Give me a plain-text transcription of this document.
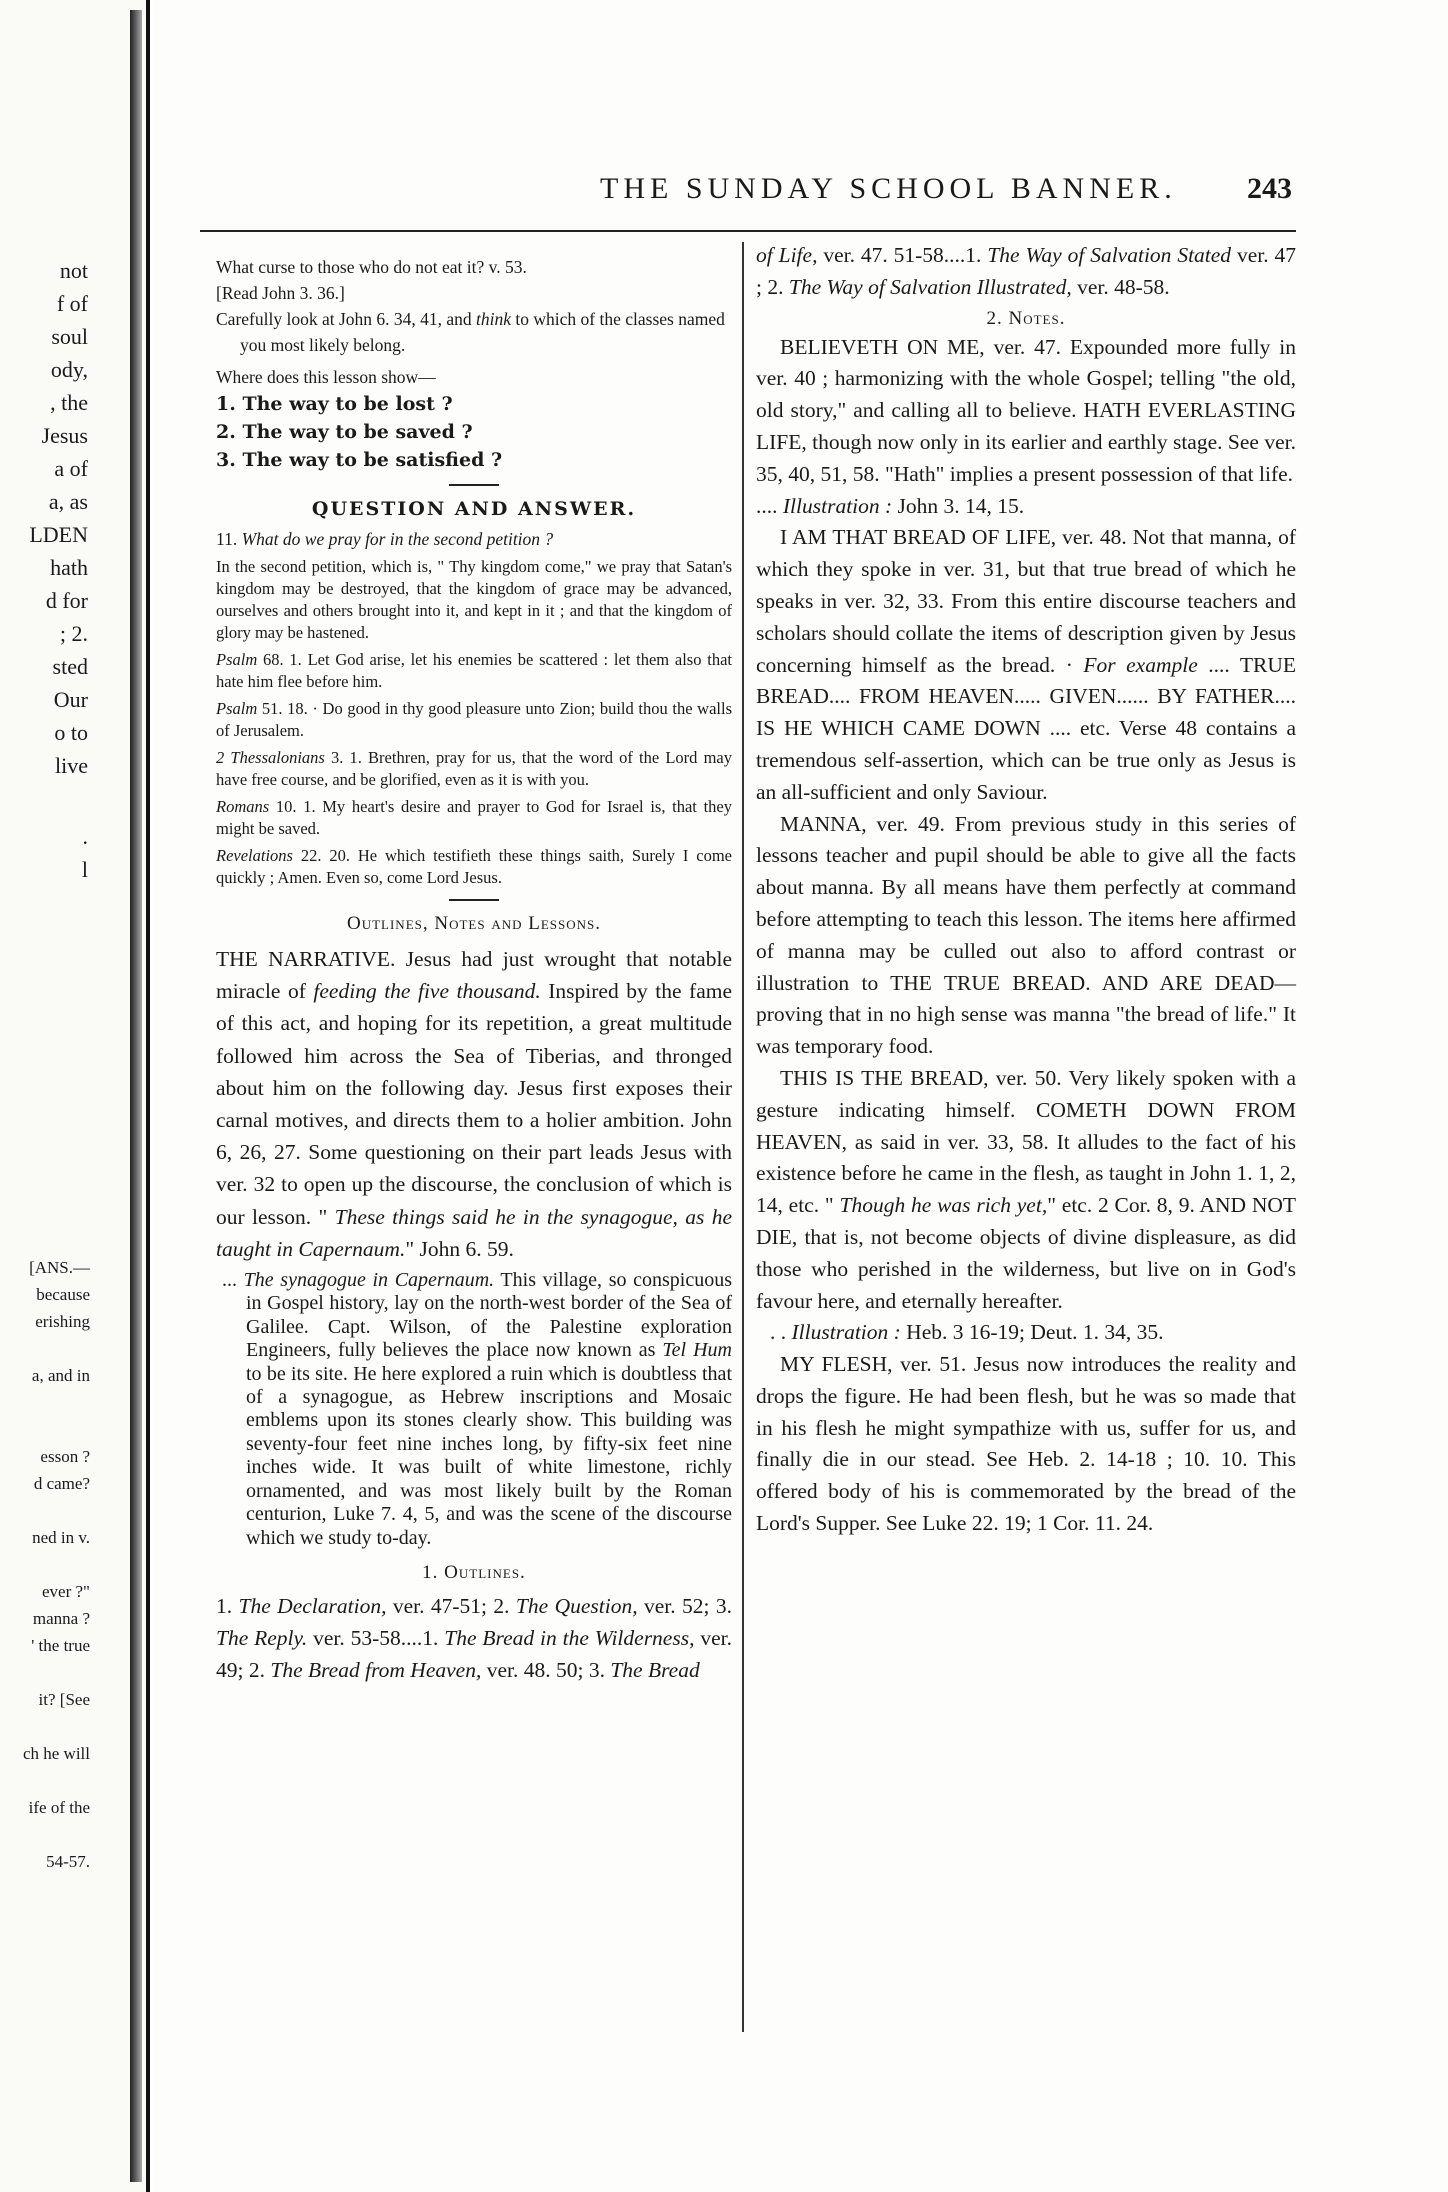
not
f of
soul
ody,
, the
Jesus
a of
a, as
LDEN
hath
d for
; 2.
sted
Our
o to
live
.
l
[ANS.—
because
erishing

a, and in

esson ?
d came?

ned in v.

ever ?"
manna ?
' the true

it? [See

ch he will

ife of the

54-57.
THE SUNDAY SCHOOL BANNER. 243
What curse to those who do not eat it? v. 53.
[Read John 3. 36.]
Carefully look at John 6. 34, 41, and think to which of the classes named you most likely belong.
Where does this lesson show—
1. The way to be lost ?
2. The way to be saved ?
3. The way to be satisfied ?
QUESTION AND ANSWER.
11. What do we pray for in the second petition ?
In the second petition, which is, " Thy kingdom come," we pray that Satan's kingdom may be destroyed, that the kingdom of grace may be advanced, ourselves and others brought into it, and kept in it ; and that the kingdom of glory may be hastened.
Psalm 68. 1. Let God arise, let his enemies be scattered : let them also that hate him flee before him.
Psalm 51. 18. · Do good in thy good pleasure unto Zion; build thou the walls of Jerusalem.
2 Thessalonians 3. 1. Brethren, pray for us, that the word of the Lord may have free course, and be glorified, even as it is with you.
Romans 10. 1. My heart's desire and prayer to God for Israel is, that they might be saved.
Revelations 22. 20. He which testifieth these things saith, Surely I come quickly ; Amen. Even so, come Lord Jesus.
Outlines, Notes and Lessons.
THE NARRATIVE. Jesus had just wrought that notable miracle of feeding the five thousand. Inspired by the fame of this act, and hoping for its repetition, a great multitude followed him across the Sea of Tiberias, and thronged about him on the following day. Jesus first exposes their carnal motives, and directs them to a holier ambition. John 6, 26, 27. Some questioning on their part leads Jesus with ver. 32 to open up the discourse, the conclusion of which is our lesson. " These things said he in the synagogue, as he taught in Capernaum." John 6. 59.
... The synagogue in Capernaum. This village, so conspicuous in Gospel history, lay on the north-west border of the Sea of Galilee. Capt. Wilson, of the Palestine exploration Engineers, fully believes the place now known as Tel Hum to be its site. He here explored a ruin which is doubtless that of a synagogue, as Hebrew inscriptions and Mosaic emblems upon its stones clearly show. This building was seventy-four feet nine inches long, by fifty-six feet nine inches wide. It was built of white limestone, richly ornamented, and was most likely built by the Roman centurion, Luke 7. 4, 5, and was the scene of the discourse which we study to-day.
1. Outlines.
1. The Declaration, ver. 47-51; 2. The Question, ver. 52; 3. The Reply. ver. 53-58....1. The Bread in the Wilderness, ver. 49; 2. The Bread from Heaven, ver. 48. 50; 3. The Bread
of Life, ver. 47. 51-58....1. The Way of Salvation Stated ver. 47 ; 2. The Way of Salvation Illustrated, ver. 48-58.
2. Notes.
BELIEVETH ON ME, ver. 47. Expounded more fully in ver. 40 ; harmonizing with the whole Gospel; telling "the old, old story," and calling all to believe. HATH EVERLASTING LIFE, though now only in its earlier and earthly stage. See ver. 35, 40, 51, 58. "Hath" implies a present possession of that life.
.... Illustration : John 3. 14, 15.
I AM THAT BREAD OF LIFE, ver. 48. Not that manna, of which they spoke in ver. 31, but that true bread of which he speaks in ver. 32, 33. From this entire discourse teachers and scholars should collate the items of description given by Jesus concerning himself as the bread. · For example .... TRUE BREAD.... FROM HEAVEN..... GIVEN...... BY FATHER.... IS HE WHICH CAME DOWN .... etc. Verse 48 contains a tremendous self-assertion, which can be true only as Jesus is an all-sufficient and only Saviour.
MANNA, ver. 49. From previous study in this series of lessons teacher and pupil should be able to give all the facts about manna. By all means have them perfectly at command before attempting to teach this lesson. The items here affirmed of manna may be culled out also to afford contrast or illustration to THE TRUE BREAD. AND ARE DEAD—proving that in no high sense was manna "the bread of life." It was temporary food.
THIS IS THE BREAD, ver. 50. Very likely spoken with a gesture indicating himself. COMETH DOWN FROM HEAVEN, as said in ver. 33, 58. It alludes to the fact of his existence before he came in the flesh, as taught in John 1. 1, 2, 14, etc. " Though he was rich yet," etc. 2 Cor. 8, 9. AND NOT DIE, that is, not become objects of divine displeasure, as did those who perished in the wilderness, but live on in God's favour here, and eternally hereafter.
. . Illustration : Heb. 3 16-19; Deut. 1. 34, 35.
MY FLESH, ver. 51. Jesus now introduces the reality and drops the figure. He had been flesh, but he was so made that in his flesh he might sympathize with us, suffer for us, and finally die in our stead. See Heb. 2. 14-18 ; 10. 10. This offered body of his is commemorated by the bread of the Lord's Supper. See Luke 22. 19; 1 Cor. 11. 24.
